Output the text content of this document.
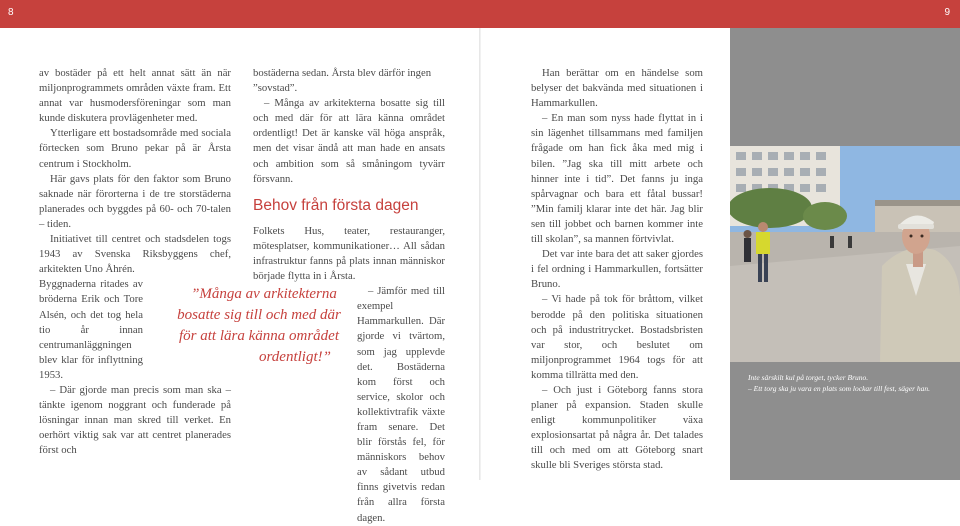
8	9

av bostäder på ett helt annat sätt än när miljonprogrammets områden växte fram. Ett annat var husmodersföreningar som man kunde diskutera provlägenheter med.

Ytterligare ett bostadsområde med sociala förtecken som Bruno pekar på är Årsta centrum i Stockholm.

Här gavs plats för den faktor som Bruno saknade när förorterna i de tre storstäderna planerades och byggdes på 60- och 70-talen – tiden.

Initiativet till centret och stadsdelen togs 1943 av Svenska Riksbyggens chef, arkitekten Uno Åhrén.

Byggnaderna ritades av bröderna Erik och Tore Alsén, och det tog hela tio år innan centrumanläggningen blev klar för inflyttning 1953.

– Där gjorde man precis som man ska – tänkte igenom noggrant och funderade på lösningar innan man skred till verket. En oerhört viktig sak var att centret planerades först och

bostäderna sedan. Årsta blev därför ingen ”sovstad”.

– Många av arkitekterna bosatte sig till och med där för att lära känna området ordentligt! Det är kanske väl höga anspråk, men det visar ändå att man hade en ansats och ambition som så småningom tyvärr försvann.

Behov från första dagen

Folkets Hus, teater, restauranger, mötesplatser, kommunikationer… All sådan infrastruktur fanns på plats innan människor började flytta in i Årsta.

– Jämför med till exempel Hammarkullen. Där gjorde vi tvärtom, som jag upplevde det. Bostäderna kom först och service, skolor och kollektivtrafik växte fram senare. Det blir förstås fel, för människors behov av sådant utbud finns givetvis redan från allra första dagen.

”Många av arkitekterna
bosatte sig till och med där
för att lära känna området
ordentligt!”

Han berättar om en händelse som belyser det bakvända med situationen i Hammarkullen.

– En man som nyss hade flyttat in i sin lägenhet tillsammans med familjen frågade om han fick åka med mig i bilen. ”Jag ska till mitt arbete och hinner inte i tid”. Det fanns ju inga spårvagnar och bara ett fåtal bussar! ”Min familj klarar inte det här. Jag blir sen till jobbet och barnen kommer inte till skolan”, sa mannen förtvivlat.

Det var inte bara det att saker gjordes i fel ordning i Hammarkullen, fortsätter Bruno.

– Vi hade på tok för bråttom, vilket berodde på den politiska situationen och på industritrycket. Bostadsbristen var stor, och beslutet om miljonprogrammet 1964 togs för att komma tillrätta med den.

– Och just i Göteborg fanns stora planer på expansion. Staden skulle enligt kommunpolitiker växa explosionsartat på några år. Det talades till och med om att Göteborg snart skulle bli Sveriges största stad.

Inte särskilt kul på torget, tycker Bruno.
– Ett torg ska ju vara en plats som lockar till fest, säger han.
